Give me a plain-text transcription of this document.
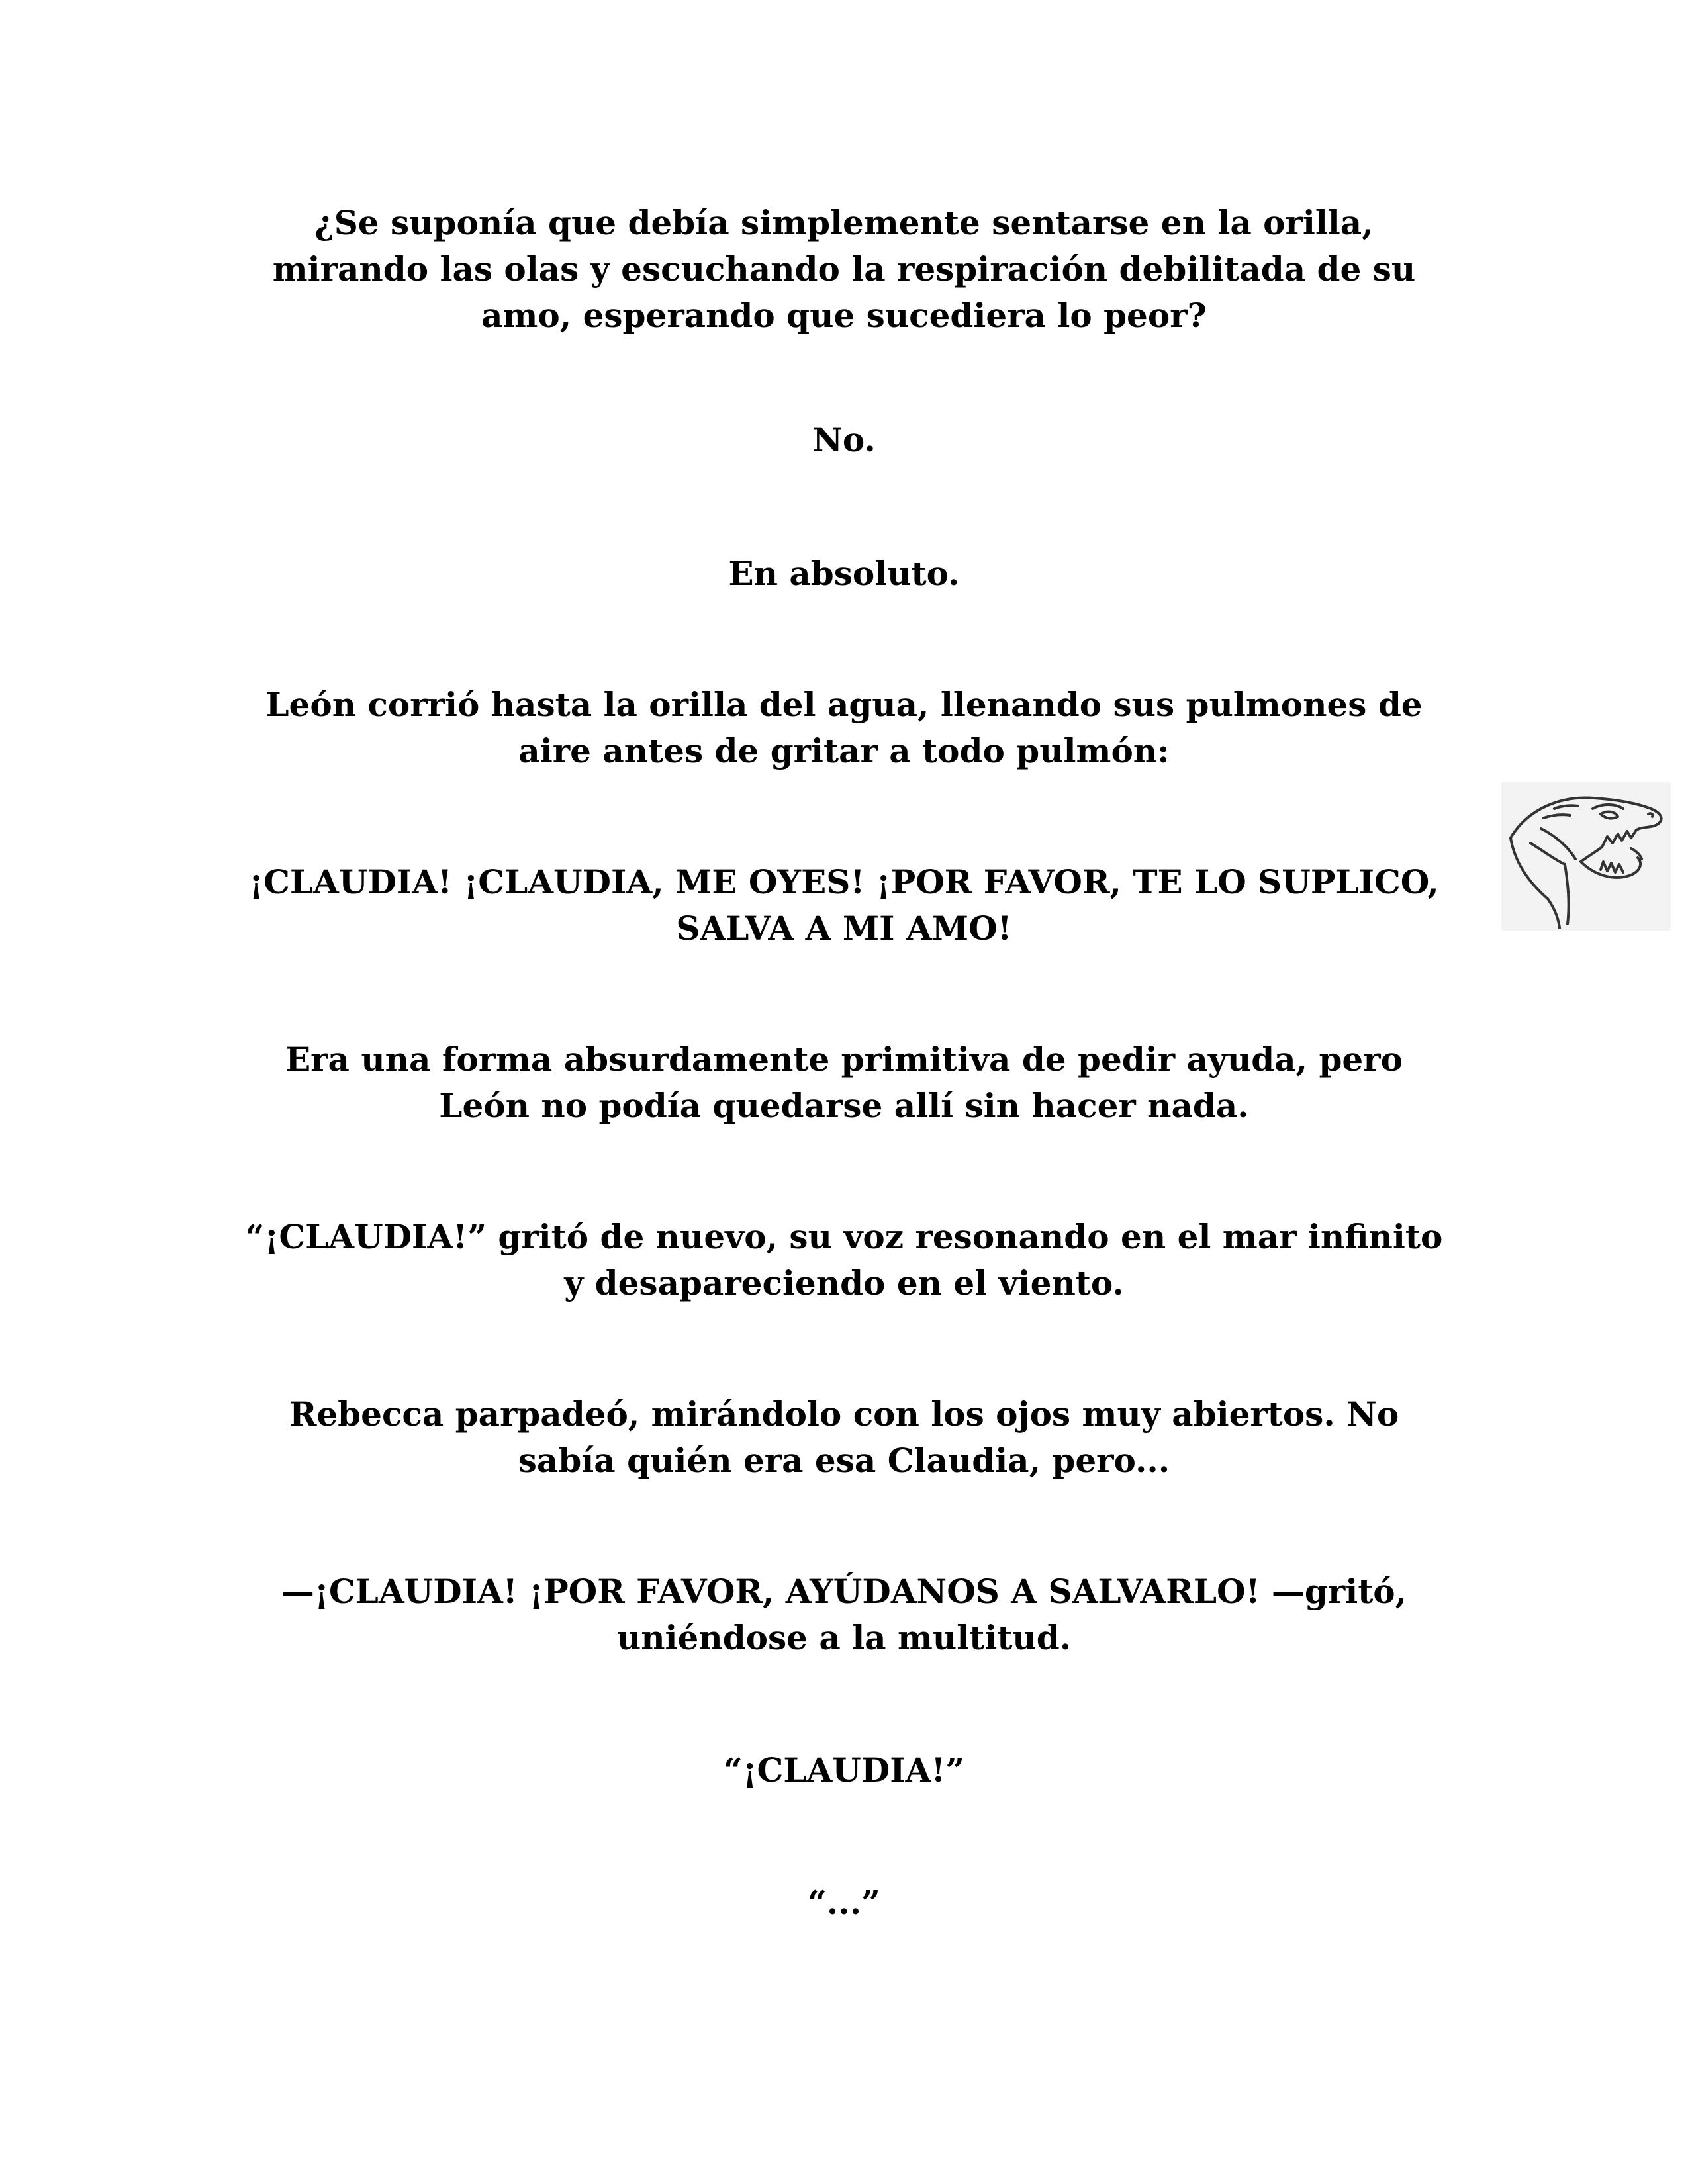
¿Se suponía que debía simplemente sentarse en la orilla, mirando las olas y escuchando la respiración debilitada de su amo, esperando que sucediera lo peor?

No.

En absoluto.

León corrió hasta la orilla del agua, llenando sus pulmones de aire antes de gritar a todo pulmón:

¡CLAUDIA! ¡CLAUDIA, ME OYES! ¡POR FAVOR, TE LO SUPLICO, SALVA A MI AMO!

Era una forma absurdamente primitiva de pedir ayuda, pero León no podía quedarse allí sin hacer nada.

“¡CLAUDIA!” gritó de nuevo, su voz resonando en el mar infinito y desapareciendo en el viento.

Rebecca parpadeó, mirándolo con los ojos muy abiertos. No sabía quién era esa Claudia, pero...

—¡CLAUDIA! ¡POR FAVOR, AYÚDANOS A SALVARLO! —gritó, uniéndose a la multitud.

“¡CLAUDIA!”

“...”
